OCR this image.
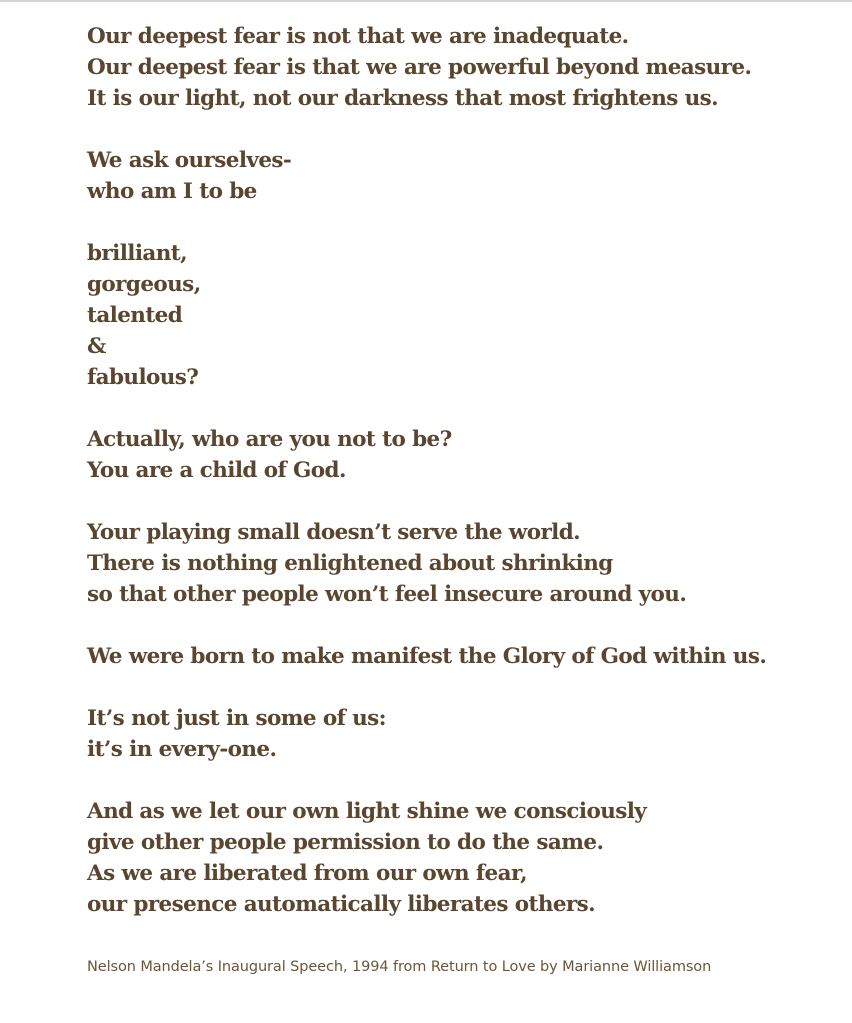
Our deepest fear is not that we are inadequate.
Our deepest fear is that we are powerful beyond measure.
It is our light, not our darkness that most frightens us.
We ask ourselves-
who am I to be
brilliant,
gorgeous,
talented
&
fabulous?
Actually, who are you not to be?
You are a child of God.
Your playing small doesn’t serve the world.
There is nothing enlightened about shrinking
so that other people won’t feel insecure around you.
We were born to make manifest the Glory of God within us.
It’s not just in some of us:
it’s in every-one.
And as we let our own light shine we consciously
give other people permission to do the same.
As we are liberated from our own fear,
our presence automatically liberates others.
Nelson Mandela’s Inaugural Speech, 1994 from Return to Love by Marianne Williamson
